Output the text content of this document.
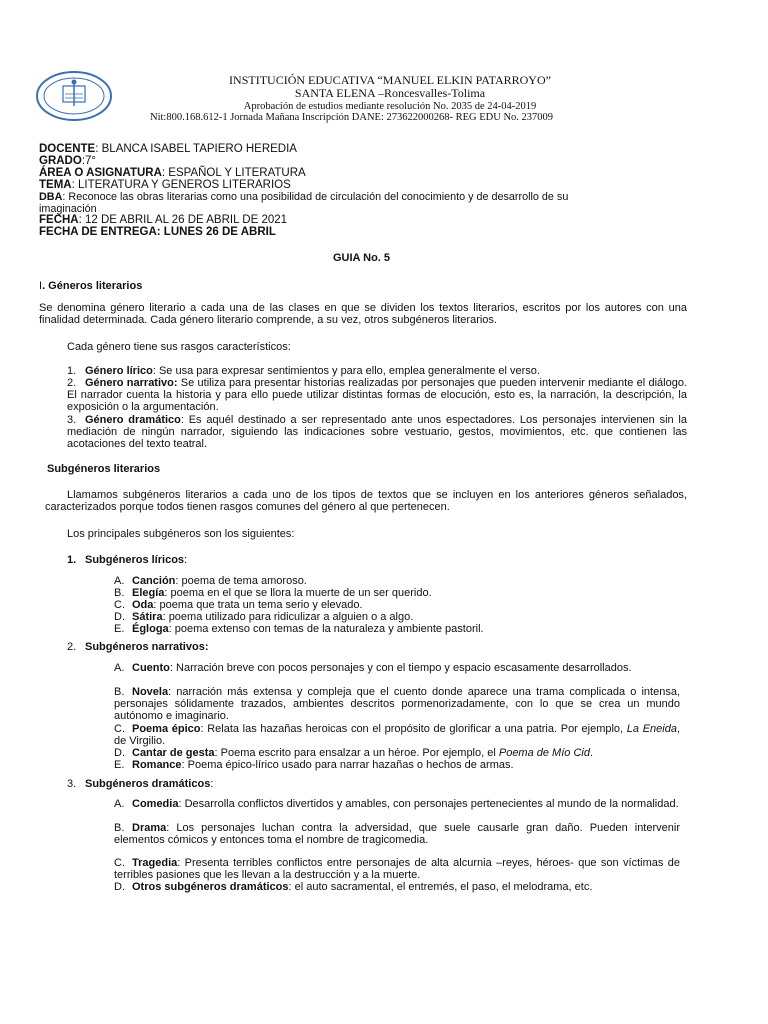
INSTITUCIÓN EDUCATIVA “MANUEL ELKIN PATARROYO”
SANTA ELENA –Roncesvalles-Tolima
Aprobación de estudios mediante resolución No. 2035 de 24-04-2019
Nit:800.168.612-1 Jornada Mañana Inscripción DANE: 273622000268- REG EDU No. 237009
DOCENTE: BLANCA ISABEL TAPIERO HEREDIA
GRADO:7°
ÁREA O ASIGNATURA: ESPAÑOL Y LITERATURA
TEMA: LITERATURA Y GENEROS LITERARIOS
DBA: Reconoce las obras literarias como una posibilidad de circulación del conocimiento y de desarrollo de su
imaginación
FECHA: 12 DE ABRIL AL 26 DE ABRIL DE 2021
FECHA DE ENTREGA: LUNES 26 DE ABRIL
GUIA No. 5
I. Géneros literarios
Se denomina género literario a cada una de las clases en que se dividen los textos literarios, escritos por los autores con una finalidad determinada. Cada género literario comprende, a su vez, otros subgéneros literarios.
Cada género tiene sus rasgos característicos:
1. Género lírico: Se usa para expresar sentimientos y para ello, emplea generalmente el verso.
2. Género narrativo: Se utiliza para presentar historias realizadas por personajes que pueden intervenir mediante el diálogo. El narrador cuenta la historia y para ello puede utilizar distintas formas de elocución, esto es, la narración, la descripción, la exposición o la argumentación.
3. Género dramático: Es aquél destinado a ser representado ante unos espectadores. Los personajes intervienen sin la mediación de ningún narrador, siguiendo las indicaciones sobre vestuario, gestos, movimientos, etc. que contienen las acotaciones del texto teatral.
Subgéneros literarios
Llamamos subgéneros literarios a cada uno de los tipos de textos que se incluyen en los anteriores géneros señalados, caracterizados porque todos tienen rasgos comunes del género al que pertenecen.
Los principales subgéneros son los siguientes:
1. Subgéneros líricos:
A. Canción: poema de tema amoroso.
B. Elegía: poema en el que se llora la muerte de un ser querido.
C. Oda: poema que trata un tema serio y elevado.
D. Sátira: poema utilizado para ridiculizar a alguien o a algo.
E. Égloga: poema extenso con temas de la naturaleza y ambiente pastoril.
2. Subgéneros narrativos:
A. Cuento: Narración breve con pocos personajes y con el tiempo y espacio escasamente desarrollados.
B. Novela: narración más extensa y compleja que el cuento donde aparece una trama complicada o intensa, personajes sólidamente trazados, ambientes descritos pormenorizadamente, con lo que se crea un mundo autónomo e imaginario.
C. Poema épico: Relata las hazañas heroicas con el propósito de glorificar a una patria. Por ejemplo, La Eneida, de Virgilio.
D. Cantar de gesta: Poema escrito para ensalzar a un héroe. Por ejemplo, el Poema de Mío Cid.
E. Romance: Poema épico-lírico usado para narrar hazañas o hechos de armas.
3. Subgéneros dramáticos:
A. Comedia: Desarrolla conflictos divertidos y amables, con personajes pertenecientes al mundo de la normalidad.
B. Drama: Los personajes luchan contra la adversidad, que suele causarle gran daño. Pueden intervenir elementos cómicos y entonces toma el nombre de tragicomedia.
C. Tragedia: Presenta terribles conflictos entre personajes de alta alcurnia –reyes, héroes- que son víctimas de terribles pasiones que les llevan a la destrucción y a la muerte.
D. Otros subgéneros dramáticos: el auto sacramental, el entremés, el paso, el melodrama, etc.
